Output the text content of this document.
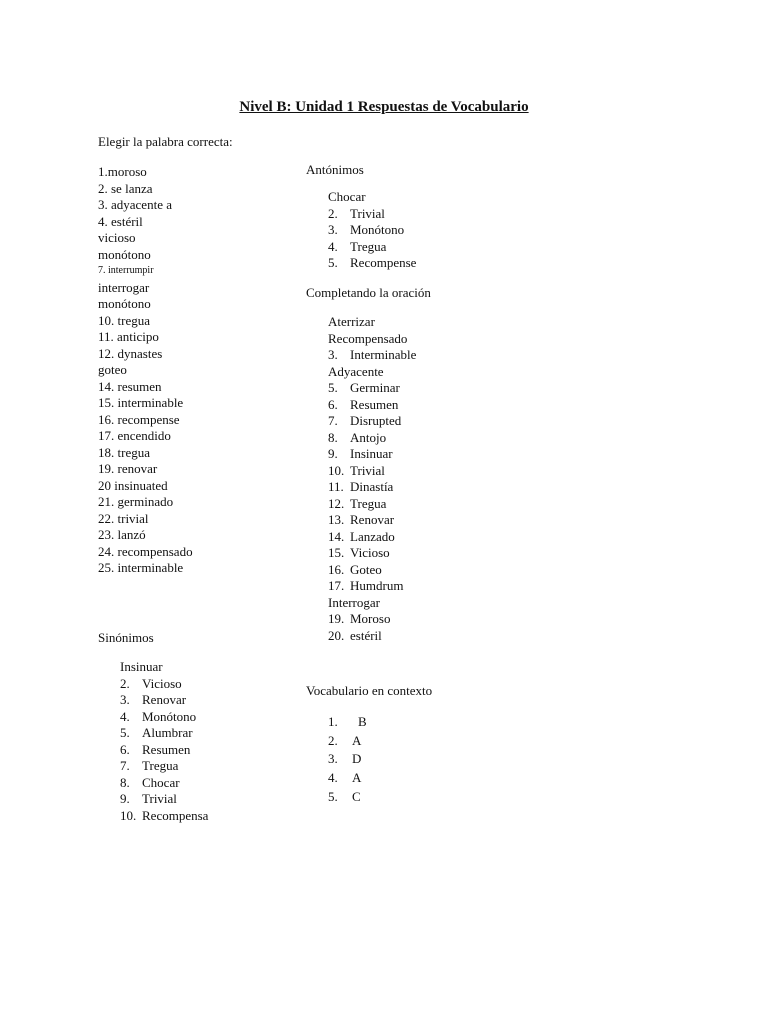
Nivel B: Unidad 1 Respuestas de Vocabulario
Elegir la palabra correcta:
1.moroso
2. se lanza
3. adyacente a
4. estéril
vicioso
monótono
7. interrumpir
interrogar
monótono
10. tregua
11. anticipo
12. dynastes
goteo
14. resumen
15. interminable
16. recompense
17. encendido
18. tregua
19. renovar
20 insinuated
21. germinado
22. trivial
23. lanzó
24. recompensado
25. interminable
Sinónimos
Insinuar
2. Vicioso
3. Renovar
4. Monótono
5. Alumbrar
6. Resumen
7. Tregua
8. Chocar
9. Trivial
10. Recompensa
Antónimos
Chocar
2. Trivial
3. Monótono
4. Tregua
5. Recompense
Completando la oración
Aterrizar
Recompensado
3. Interminable
Adyacente
5. Germinar
6. Resumen
7. Disrupted
8. Antojo
9. Insinuar
10. Trivial
11. Dinastía
12. Tregua
13. Renovar
14. Lanzado
15. Vicioso
16. Goteo
17. Humdrum
Interrogar
19. Moroso
20. estéril
Vocabulario en contexto
1.	B
2.	A
3.	D
4.	A
5.	C
